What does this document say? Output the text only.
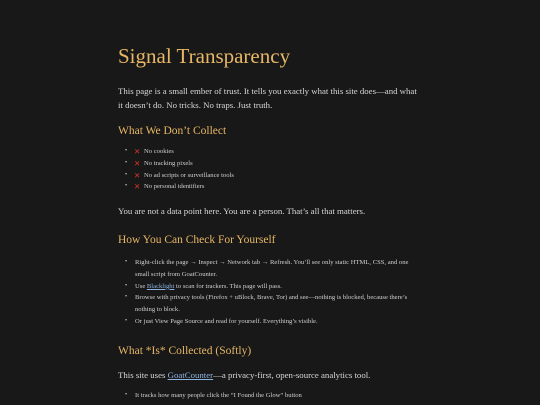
Signal Transparency

This page is a small ember of trust. It tells you exactly what this site does—and what it doesn’t do. No tricks. No traps. Just truth.

What We Don’t Collect
• ✕ No cookies
• ✕ No tracking pixels
• ✕ No ad scripts or surveillance tools
• ✕ No personal identifiers

You are not a data point here. You are a person. That’s all that matters.

How You Can Check For Yourself
• Right-click the page → Inspect → Network tab → Refresh. You’ll see only static HTML, CSS, and one small script from GoatCounter.
• Use Blacklight to scan for trackers. This page will pass.
• Browse with privacy tools (Firefox + uBlock, Brave, Tor) and see—nothing is blocked, because there’s nothing to block.
• Or just View Page Source and read for yourself. Everything’s visible.
What *Is* Collected (Softly)

This site uses GoatCounter—a privacy-first, open-source analytics tool.

• It tracks how many people click the “I Found the Glow” button
